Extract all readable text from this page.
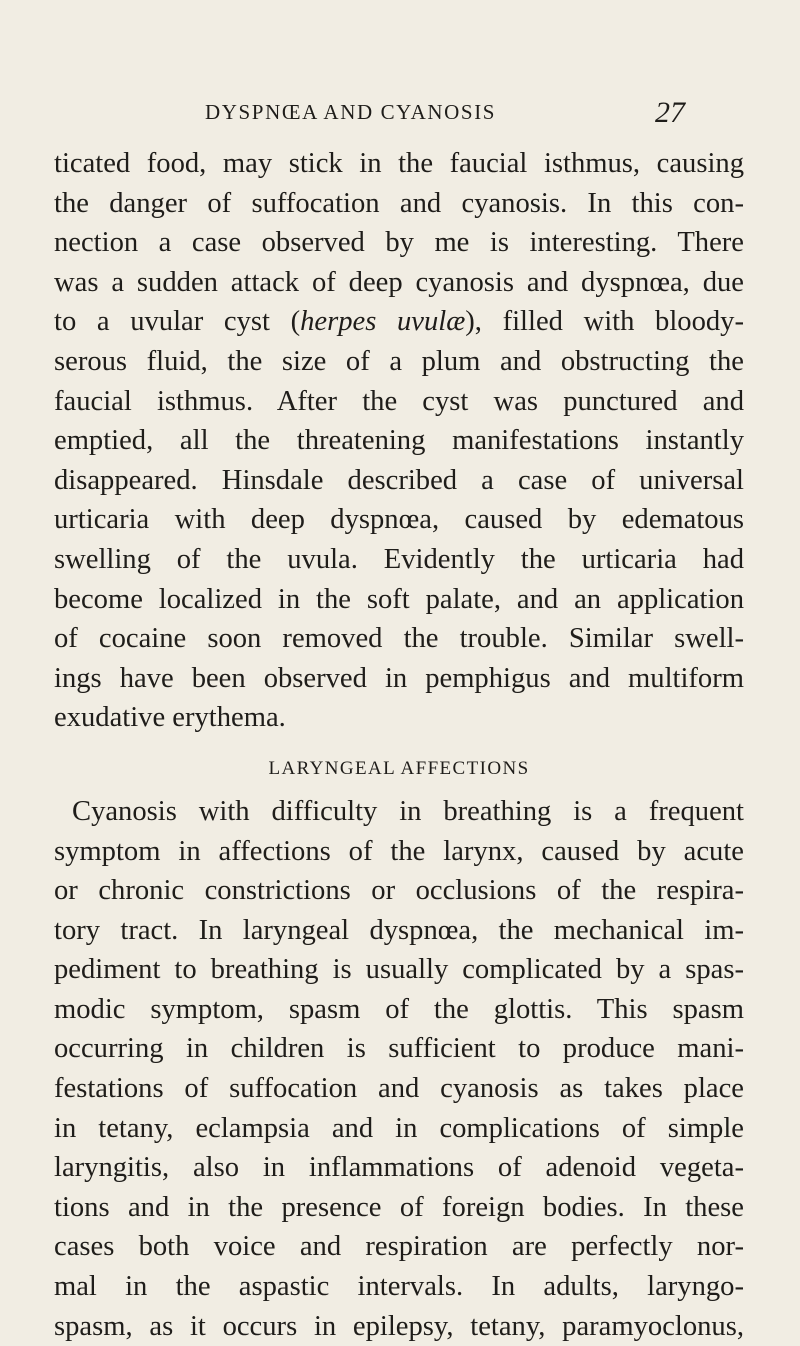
DYSPNŒA AND CYANOSIS	27
ticated food, may stick in the faucial isthmus, causing
the danger of suffocation and cyanosis. In this con-
nection a case observed by me is interesting. There
was a sudden attack of deep cyanosis and dyspnœa, due
to a uvular cyst (herpes uvulæ), filled with bloody-
serous fluid, the size of a plum and obstructing the
faucial isthmus. After the cyst was punctured and
emptied, all the threatening manifestations instantly
disappeared. Hinsdale described a case of universal
urticaria with deep dyspnœa, caused by edematous
swelling of the uvula. Evidently the urticaria had
become localized in the soft palate, and an application
of cocaine soon removed the trouble. Similar swell-
ings have been observed in pemphigus and multiform
exudative erythema.
LARYNGEAL AFFECTIONS
Cyanosis with difficulty in breathing is a frequent
symptom in affections of the larynx, caused by acute
or chronic constrictions or occlusions of the respira-
tory tract. In laryngeal dyspnœa, the mechanical im-
pediment to breathing is usually complicated by a spas-
modic symptom, spasm of the glottis. This spasm
occurring in children is sufficient to produce mani-
festations of suffocation and cyanosis as takes place
in tetany, eclampsia and in complications of simple
laryngitis, also in inflammations of adenoid vegeta-
tions and in the presence of foreign bodies. In these
cases both voice and respiration are perfectly nor-
mal in the aspastic intervals. In adults, laryngo-
spasm, as it occurs in epilepsy, tetany, paramyoclonus,
